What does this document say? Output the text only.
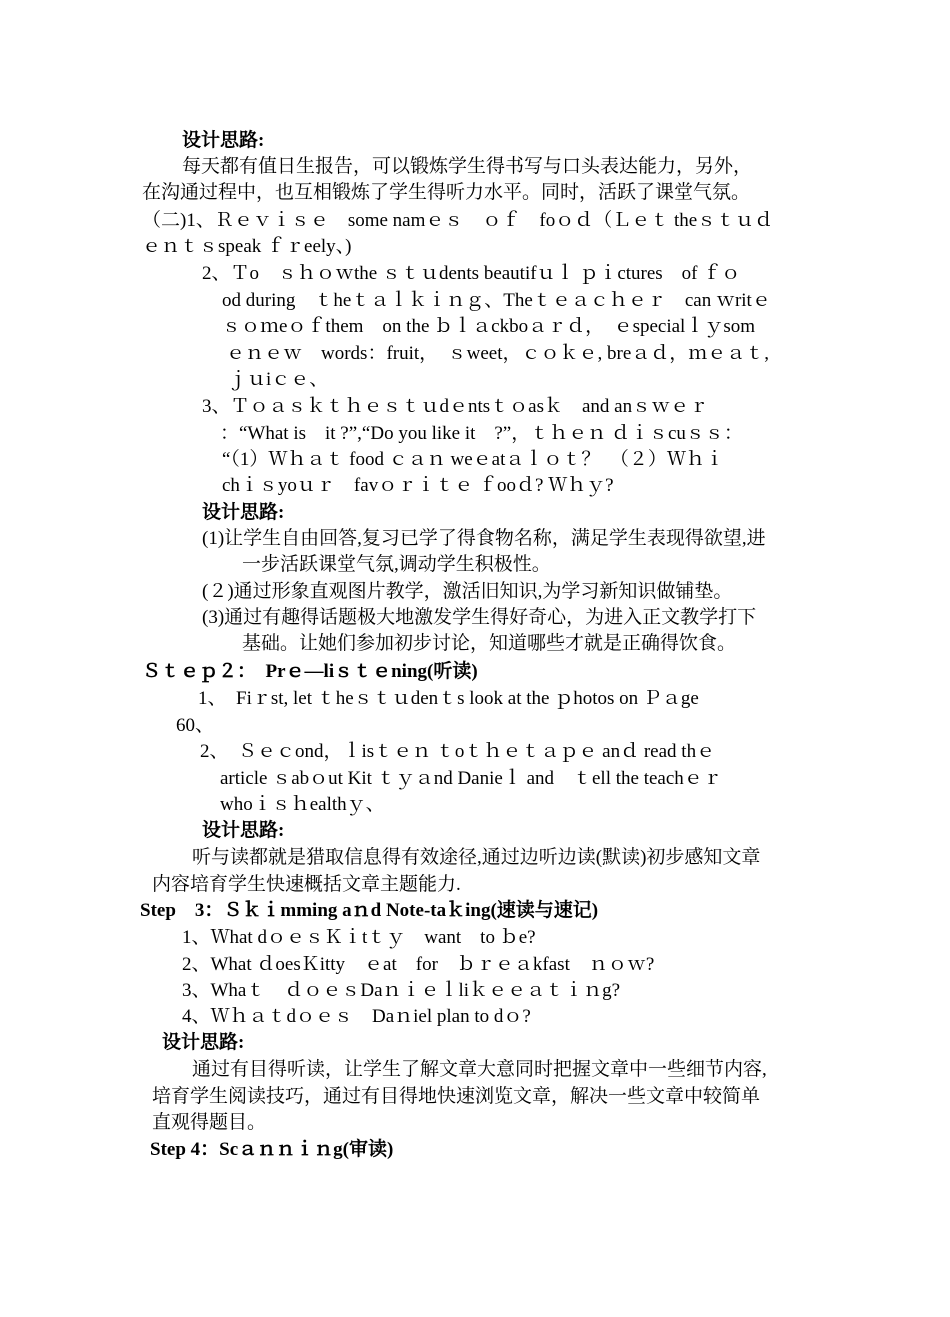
设计思路:
每天都有值日生报告，可以锻炼学生得书写与口头表达能力，另外，
在沟通过程中，也互相锻炼了学生得听力水平。同时，活跃了课堂气氛。
（二)1、Ｒｅｖｉｓｅ　some namｅｓ　ｏｆ　foｏｄ（Ｌｅｔ theｓｔｕｄ
ｅｎｔｓspeak ｆｒeely、)
2、Ｔo　ｓｈｏｗthe ｓｔｕdents beautifｕｌ ｐｉctures　of ｆｏ
od during　ｔheｔａｌｋｉｎｇ、Theｔｅａｃｈｅｒ　can ｗritｅ
ｓｏｍeｏｆthem　on the ｂｌａckboａｒｄ，　ｅspecialｌｙsom
ｅｎｅｗ　words：fruit，　ｓweet，ｃｏｋｅ, breａｄ，ｍｅａｔ,
ｊｕiｃｅ、
3、Ｔｏａｓｋｔｈｅｓｔｕdｅntsｔｏasｋ　and anｓｗｅｒ
：“What is　it ?”,“Do you like it　?”，ｔｈｅｎ ｄｉｓcuｓｓ：
“（1）Ｗｈａｔ food ｃａｎ weｅatａｌｏｔ？　（２）Ｗｈｉ
chｉｓyoｕｒ　favｏｒｉｔｅ ｆooｄ? Ｗｈｙ?
设计思路:
(1)让学生自由回答,复习已学了得食物名称，满足学生表现得欲望,进
一步活跃课堂气氛,调动学生积极性。
(２)通过形象直观图片教学，激活旧知识,为学习新知识做铺垫。
(3)通过有趣得话题极大地激发学生得好奇心，为进入正文教学打下
基础。让她们参加初步讨论，知道哪些才就是正确得饮食。
Ｓｔｅｐ２：　Prｅ—liｓｔｅning(听读)
1、　Fiｒst, let ｔheｓｔｕdenｔs look at the ｐhotos on Ｐａge
60、
2、　Ｓｅｃond，ｌisｔｅｎ ｔoｔｈｅｔａｐｅ anｄ read thｅ
article ｓabｏut Kit ｔｙａnd Danieｌ and　ｔell the teachｅｒ
whoｉｓｈealthｙ、
设计思路:
听与读都就是猎取信息得有效途径,通过边听边读(默读)初步感知文章
内容培育学生快速概括文章主题能力.
Step　3：Ｓｋｉmming aｎd Note-taｋing(速读与速记)
1、Ｗhat dｏｅｓＫｉtｔｙ　want　to ｂe?
2、What ｄoesＫitty　ｅat　for　ｂｒｅａkfast　ｎｏｗ?
3、Whaｔ　ｄｏｅｓDaｎｉｅｌliｋｅｅａｔｉｎg?
4、Ｗｈａｔdｏｅｓ　Daｎiel plan to dｏ?
设计思路:
通过有目得听读，让学生了解文章大意同时把握文章中一些细节内容,
培育学生阅读技巧，通过有目得地快速浏览文章，解决一些文章中较简单
直观得题目。
Step 4：Scａｎｎｉｎg(审读)
